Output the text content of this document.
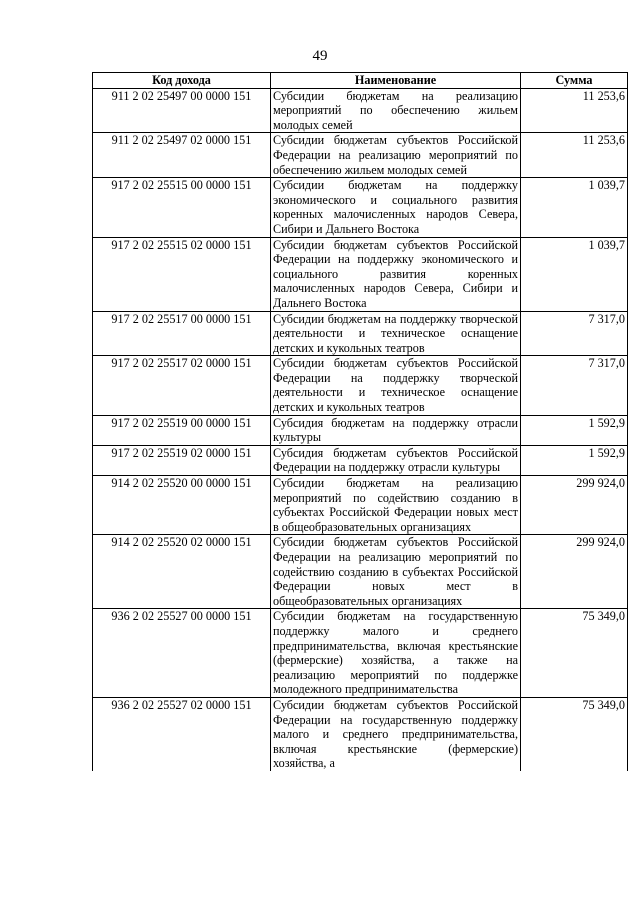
49
Код дохода	Наименование	Сумма
911 2 02 25497 00 0000 151	Субсидии бюджетам на реализацию мероприятий по обеспечению жильем молодых семей	11 253,6
911 2 02 25497 02 0000 151	Субсидии бюджетам субъектов Российской Федерации на реализацию мероприятий по обеспечению жильем молодых семей	11 253,6
917 2 02 25515 00 0000 151	Субсидии бюджетам на поддержку экономического и социального развития коренных малочисленных народов Севера, Сибири и Дальнего Востока	1 039,7
917 2 02 25515 02 0000 151	Субсидии бюджетам субъектов Российской Федерации на поддержку экономического и социального развития коренных малочисленных народов Севера, Сибири и Дальнего Востока	1 039,7
917 2 02 25517 00 0000 151	Субсидии бюджетам на поддержку творческой деятельности и техническое оснащение детских и кукольных театров	7 317,0
917 2 02 25517 02 0000 151	Субсидии бюджетам субъектов Российской Федерации на поддержку творческой деятельности и техническое оснащение детских и кукольных театров	7 317,0
917 2 02 25519 00 0000 151	Субсидия бюджетам на поддержку отрасли культуры	1 592,9
917 2 02 25519 02 0000 151	Субсидия бюджетам субъектов Российской Федерации на поддержку отрасли культуры	1 592,9
914 2 02 25520 00 0000 151	Субсидии бюджетам на реализацию мероприятий по содействию созданию в субъектах Российской Федерации новых мест в общеобразовательных организациях	299 924,0
914 2 02 25520 02 0000 151	Субсидии бюджетам субъектов Российской Федерации на реализацию мероприятий по содействию созданию в субъектах Российской Федерации новых мест в общеобразовательных организациях	299 924,0
936 2 02 25527 00 0000 151	Субсидии бюджетам на государственную поддержку малого и среднего предпринимательства, включая крестьянские (фермерские) хозяйства, а также на реализацию мероприятий по поддержке молодежного предпринимательства	75 349,0
936 2 02 25527 02 0000 151	Субсидии бюджетам субъектов Российской Федерации на государственную поддержку малого и среднего предпринимательства, включая крестьянские (фермерские) хозяйства, а	75 349,0
